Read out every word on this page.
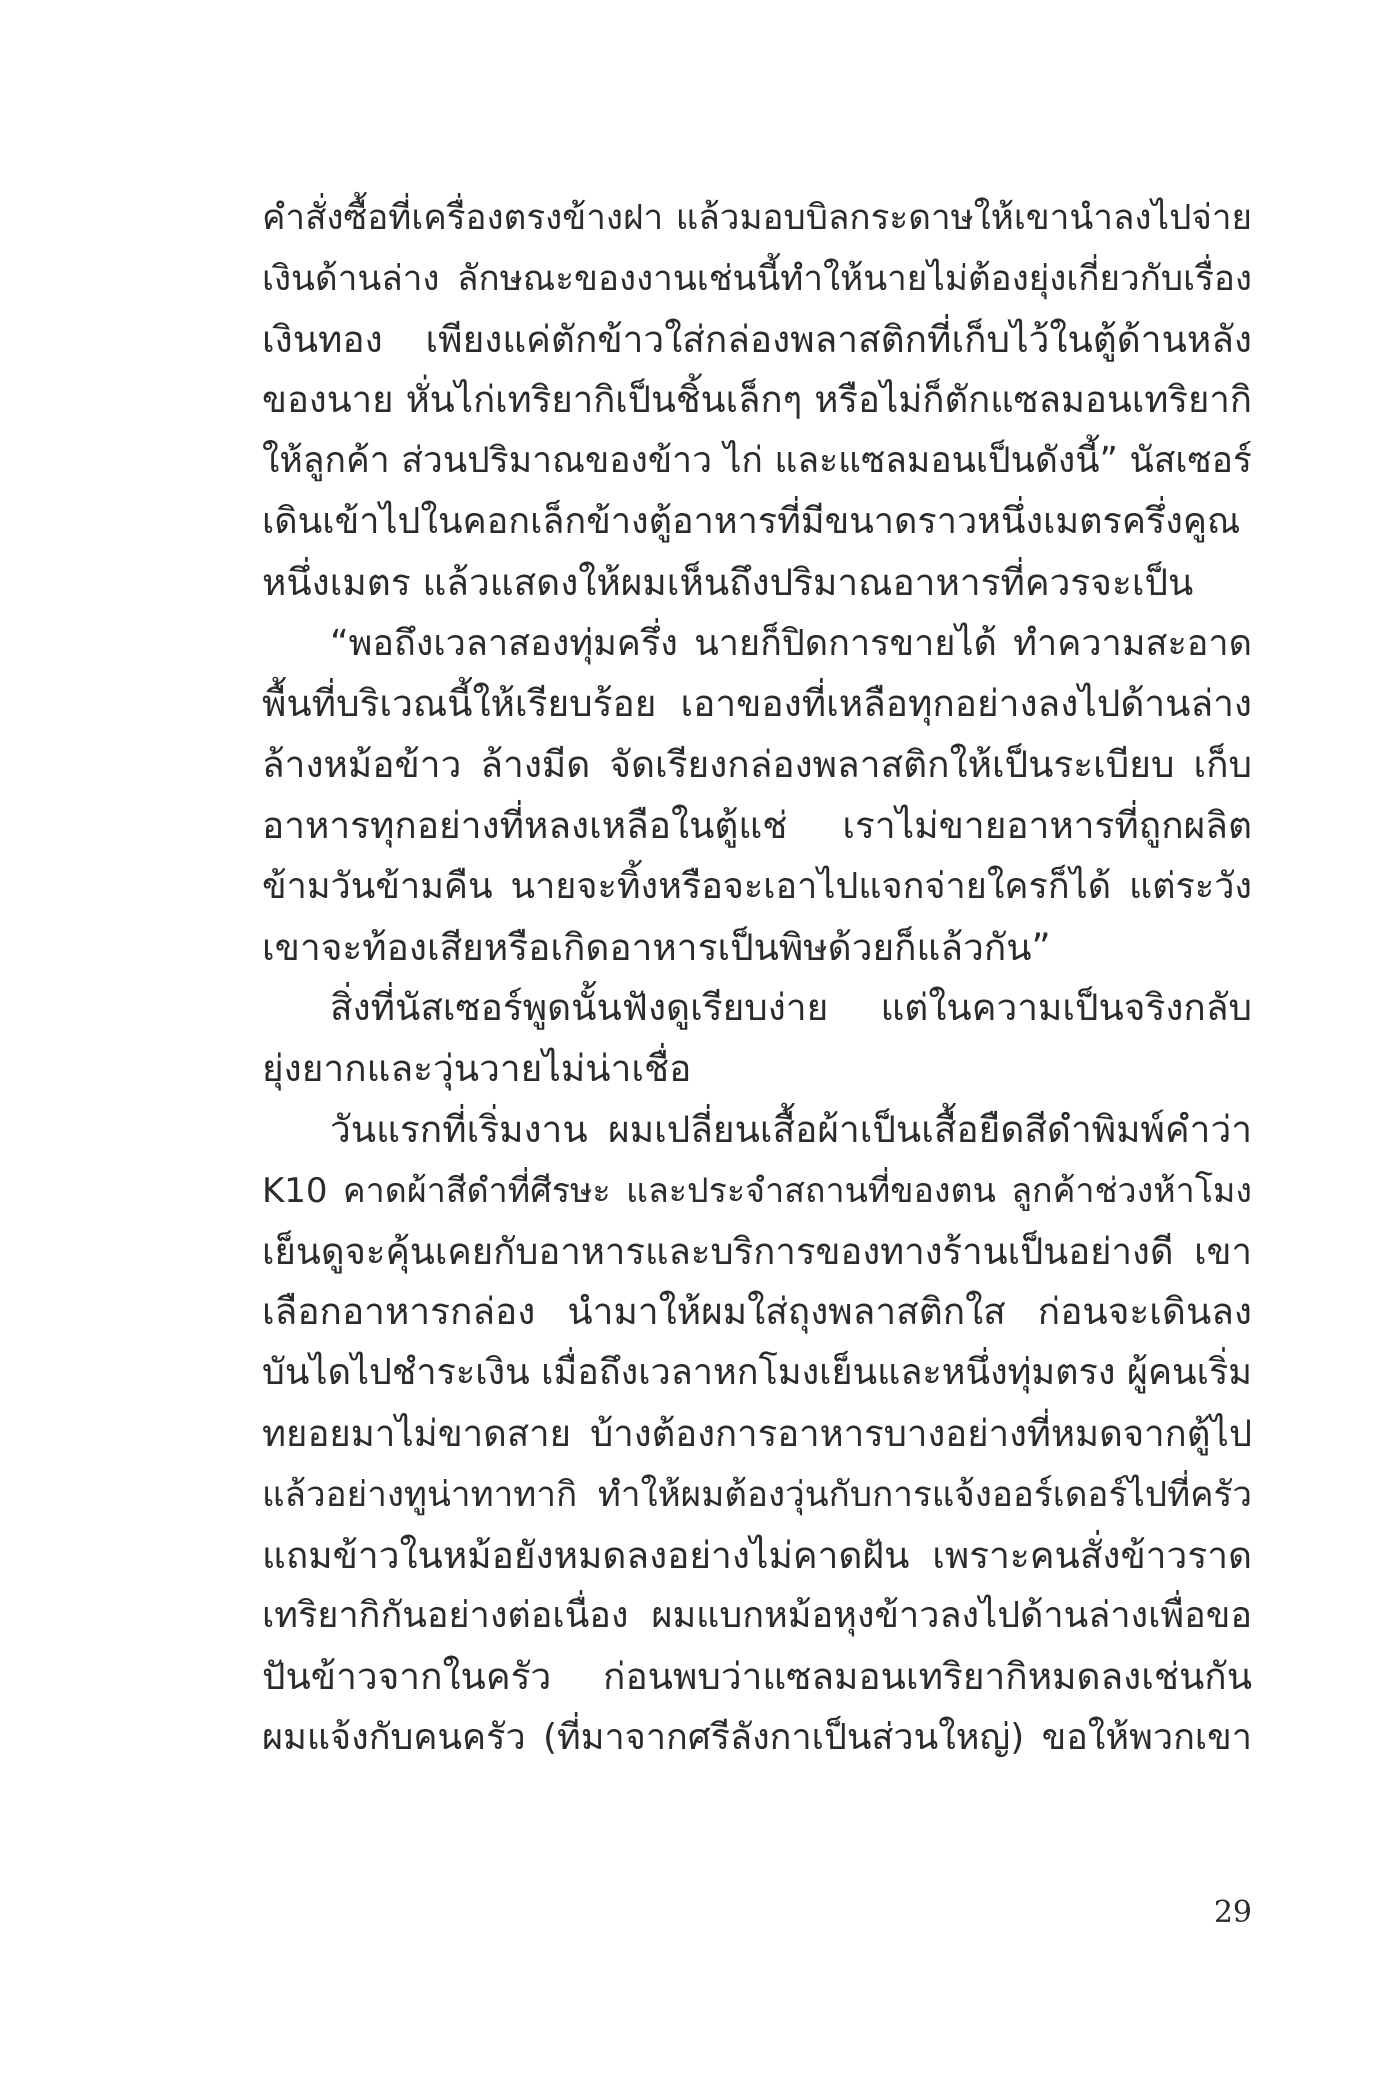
คำสั่งซื้อที่เครื่องตรงข้างฝา แล้วมอบบิลกระดาษให้เขานำลงไปจ่าย
เงินด้านล่าง ลักษณะของงานเช่นนี้ทำให้นายไม่ต้องยุ่งเกี่ยวกับเรื่อง
เงินทอง เพียงแค่ตักข้าวใส่กล่องพลาสติกที่เก็บไว้ในตู้ด้านหลัง
ของนาย หั่นไก่เทริยากิเป็นชิ้นเล็กๆ หรือไม่ก็ตักแซลมอนเทริยากิ
ให้ลูกค้า ส่วนปริมาณของข้าว ไก่ และแซลมอนเป็นดังนี้” นัสเซอร์
เดินเข้าไปในคอกเล็กข้างตู้อาหารที่มีขนาดราวหนึ่งเมตรครึ่งคูณ
หนึ่งเมตร แล้วแสดงให้ผมเห็นถึงปริมาณอาหารที่ควรจะเป็น
“พอถึงเวลาสองทุ่มครึ่ง นายก็ปิดการขายได้ ทำความสะอาด
พื้นที่บริเวณนี้ให้เรียบร้อย เอาของที่เหลือทุกอย่างลงไปด้านล่าง
ล้างหม้อข้าว ล้างมีด จัดเรียงกล่องพลาสติกให้เป็นระเบียบ เก็บ
อาหารทุกอย่างที่หลงเหลือในตู้แช่ เราไม่ขายอาหารที่ถูกผลิต
ข้ามวันข้ามคืน นายจะทิ้งหรือจะเอาไปแจกจ่ายใครก็ได้ แต่ระวัง
เขาจะท้องเสียหรือเกิดอาหารเป็นพิษด้วยก็แล้วกัน”
สิ่งที่นัสเซอร์พูดนั้นฟังดูเรียบง่าย แต่ในความเป็นจริงกลับ
ยุ่งยากและวุ่นวายไม่น่าเชื่อ
วันแรกที่เริ่มงาน ผมเปลี่ยนเสื้อผ้าเป็นเสื้อยืดสีดำพิมพ์คำว่า
K10 คาดผ้าสีดำที่ศีรษะ และประจำสถานที่ของตน ลูกค้าช่วงห้าโมง
เย็นดูจะคุ้นเคยกับอาหารและบริการของทางร้านเป็นอย่างดี เขา
เลือกอาหารกล่อง นำมาให้ผมใส่ถุงพลาสติกใส ก่อนจะเดินลง
บันไดไปชำระเงิน เมื่อถึงเวลาหกโมงเย็นและหนึ่งทุ่มตรง ผู้คนเริ่ม
ทยอยมาไม่ขาดสาย บ้างต้องการอาหารบางอย่างที่หมดจากตู้ไป
แล้วอย่างทูน่าทาทากิ ทำให้ผมต้องวุ่นกับการแจ้งออร์เดอร์ไปที่ครัว
แถมข้าวในหม้อยังหมดลงอย่างไม่คาดฝัน เพราะคนสั่งข้าวราด
เทริยากิกันอย่างต่อเนื่อง ผมแบกหม้อหุงข้าวลงไปด้านล่างเพื่อขอ
ปันข้าวจากในครัว ก่อนพบว่าแซลมอนเทริยากิหมดลงเช่นกัน
ผมแจ้งกับคนครัว (ที่มาจากศรีลังกาเป็นส่วนใหญ่) ขอให้พวกเขา
29
